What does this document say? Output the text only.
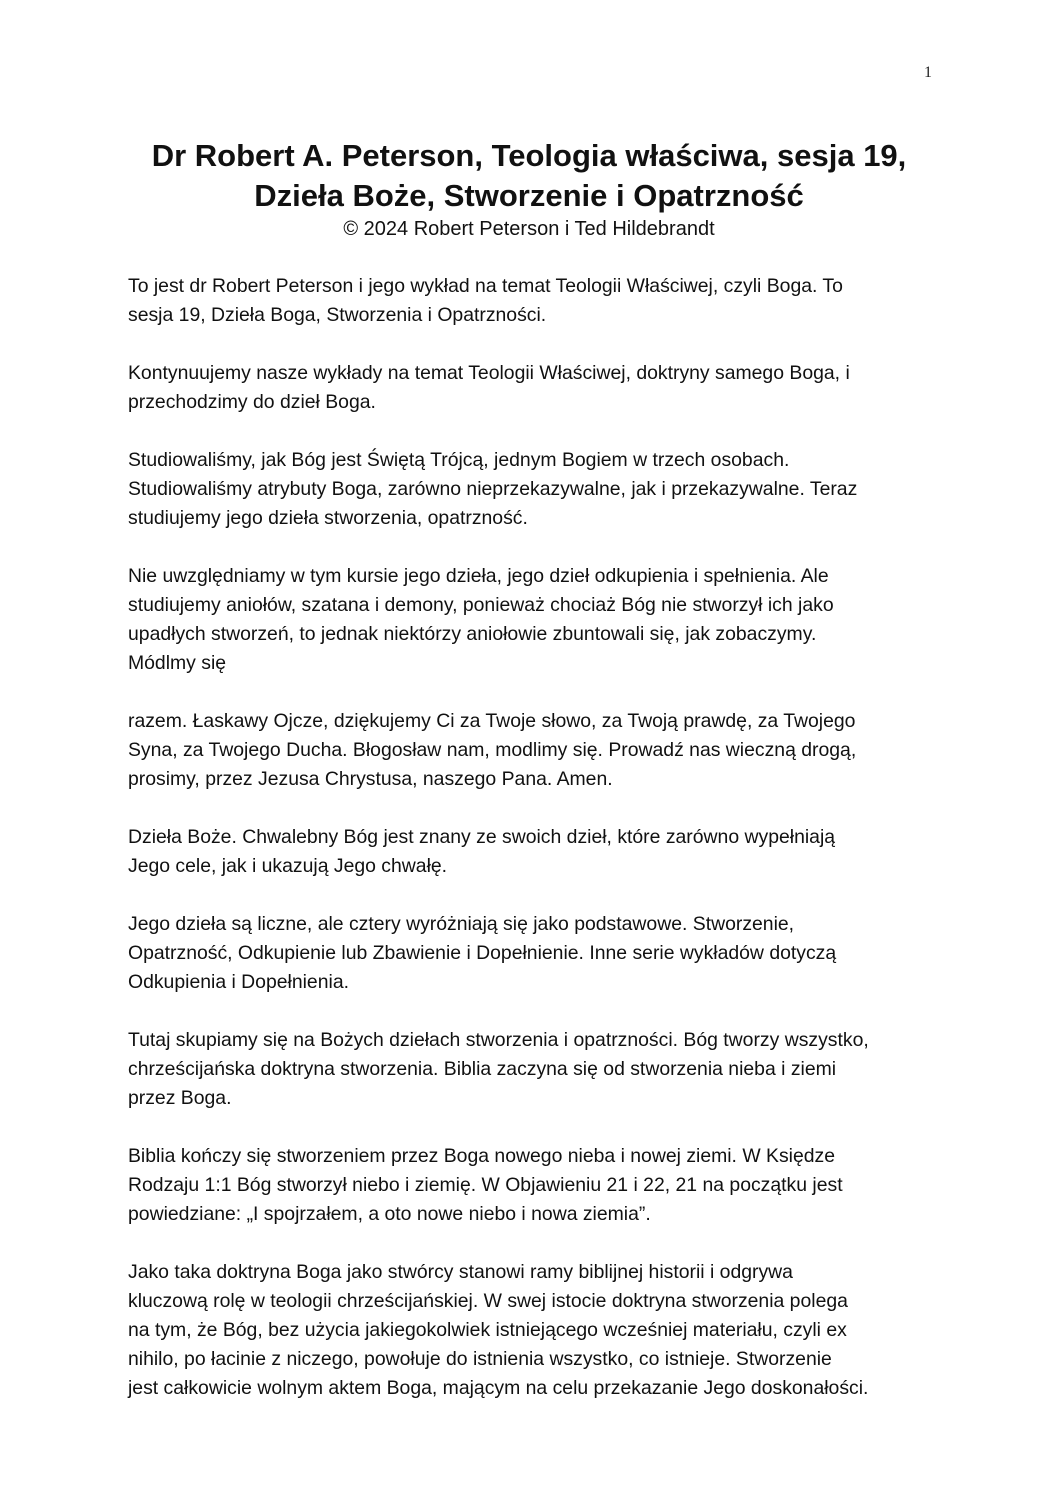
1
Dr Robert A. Peterson, Teologia właściwa, sesja 19,
Dzieła Boże, Stworzenie i Opatrzność
© 2024 Robert Peterson i Ted Hildebrandt

To jest dr Robert Peterson i jego wykład na temat Teologii Właściwej, czyli Boga. To
sesja 19, Dzieła Boga, Stworzenia i Opatrzności.

Kontynuujemy nasze wykłady na temat Teologii Właściwej, doktryny samego Boga, i
przechodzimy do dzieł Boga.

Studiowaliśmy, jak Bóg jest Świętą Trójcą, jednym Bogiem w trzech osobach.
Studiowaliśmy atrybuty Boga, zarówno nieprzekazywalne, jak i przekazywalne. Teraz
studiujemy jego dzieła stworzenia, opatrzność.

Nie uwzględniamy w tym kursie jego dzieła, jego dzieł odkupienia i spełnienia. Ale
studiujemy aniołów, szatana i demony, ponieważ chociaż Bóg nie stworzył ich jako
upadłych stworzeń, to jednak niektórzy aniołowie zbuntowali się, jak zobaczymy.
Módlmy się

razem. Łaskawy Ojcze, dziękujemy Ci za Twoje słowo, za Twoją prawdę, za Twojego
Syna, za Twojego Ducha. Błogosław nam, modlimy się. Prowadź nas wieczną drogą,
prosimy, przez Jezusa Chrystusa, naszego Pana. Amen.

Dzieła Boże. Chwalebny Bóg jest znany ze swoich dzieł, które zarówno wypełniają
Jego cele, jak i ukazują Jego chwałę.

Jego dzieła są liczne, ale cztery wyróżniają się jako podstawowe. Stworzenie,
Opatrzność, Odkupienie lub Zbawienie i Dopełnienie. Inne serie wykładów dotyczą
Odkupienia i Dopełnienia.

Tutaj skupiamy się na Bożych dziełach stworzenia i opatrzności. Bóg tworzy wszystko,
chrześcijańska doktryna stworzenia. Biblia zaczyna się od stworzenia nieba i ziemi
przez Boga.

Biblia kończy się stworzeniem przez Boga nowego nieba i nowej ziemi. W Księdze
Rodzaju 1:1 Bóg stworzył niebo i ziemię. W Objawieniu 21 i 22, 21 na początku jest
powiedziane: „I spojrzałem, a oto nowe niebo i nowa ziemia”.

Jako taka doktryna Boga jako stwórcy stanowi ramy biblijnej historii i odgrywa
kluczową rolę w teologii chrześcijańskiej. W swej istocie doktryna stworzenia polega
na tym, że Bóg, bez użycia jakiegokolwiek istniejącego wcześniej materiału, czyli ex
nihilo, po łacinie z niczego, powołuje do istnienia wszystko, co istnieje. Stworzenie
jest całkowicie wolnym aktem Boga, mającym na celu przekazanie Jego doskonałości.
